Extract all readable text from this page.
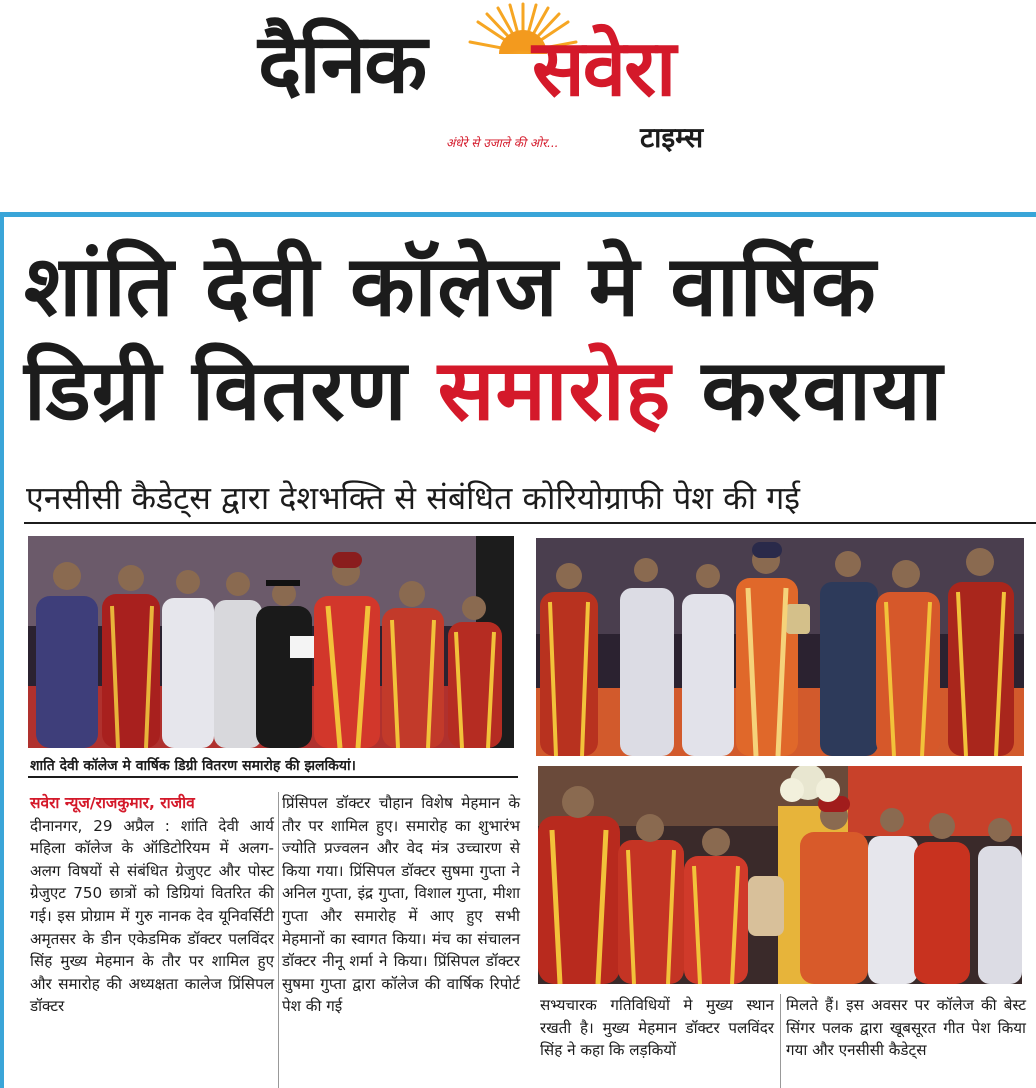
दैनिक सवेरा
अंधेरे से उजाले की ओर...	टाइम्स
शांति देवी कॉलेज मे वार्षिक
डिग्री वितरण समारोह करवाया
एनसीसी कैडेट्स द्वारा देशभक्ति से संबंधित कोरियोग्राफी पेश की गई
शाति देवी कॉलेज मे वार्षिक डिग्री वितरण समारोह की झलकियां।
सवेरा न्यूज/राजकुमार, राजीव
दीनानगर, 29 अप्रैल : शांति देवी आर्य महिला कॉलेज के ऑडिटोरियम में अलग-अलग विषयों से संबंधित ग्रेजुएट और पोस्ट ग्रेजुएट 750 छात्रों को डिग्रियां वितरित की गई। इस प्रोग्राम में गुरु नानक देव यूनिवर्सिटी अमृतसर के डीन एकेडमिक डॉक्टर पलविंदर सिंह मुख्य मेहमान के तौर पर शामिल हुए और समारोह की अध्यक्षता कालेज प्रिंसिपल डॉक्टर
प्रिंसिपल डॉक्टर चौहान विशेष मेहमान के तौर पर शामिल हुए। समारोह का शुभारंभ ज्योति प्रज्वलन और वेद मंत्र उच्चारण से किया गया। प्रिंसिपल डॉक्टर सुषमा गुप्ता ने अनिल गुप्ता, इंद्र गुप्ता, विशाल गुप्ता, मीशा गुप्ता और समारोह में आए हुए सभी मेहमानों का स्वागत किया। मंच का संचालन डॉक्टर नीनू शर्मा ने किया। प्रिंसिपल डॉक्टर सुषमा गुप्ता द्वारा कॉलेज की वार्षिक रिपोर्ट पेश की गई	सभ्यचारक गतिविधियों मे मुख्य स्थान रखती है। मुख्य मेहमान डॉक्टर पलविंदर सिंह ने कहा कि लड़कियों
मिलते हैं। इस अवसर पर कॉलेज की बेस्ट सिंगर पलक द्वारा खूबसूरत गीत पेश किया गया और एनसीसी कैडेट्स
